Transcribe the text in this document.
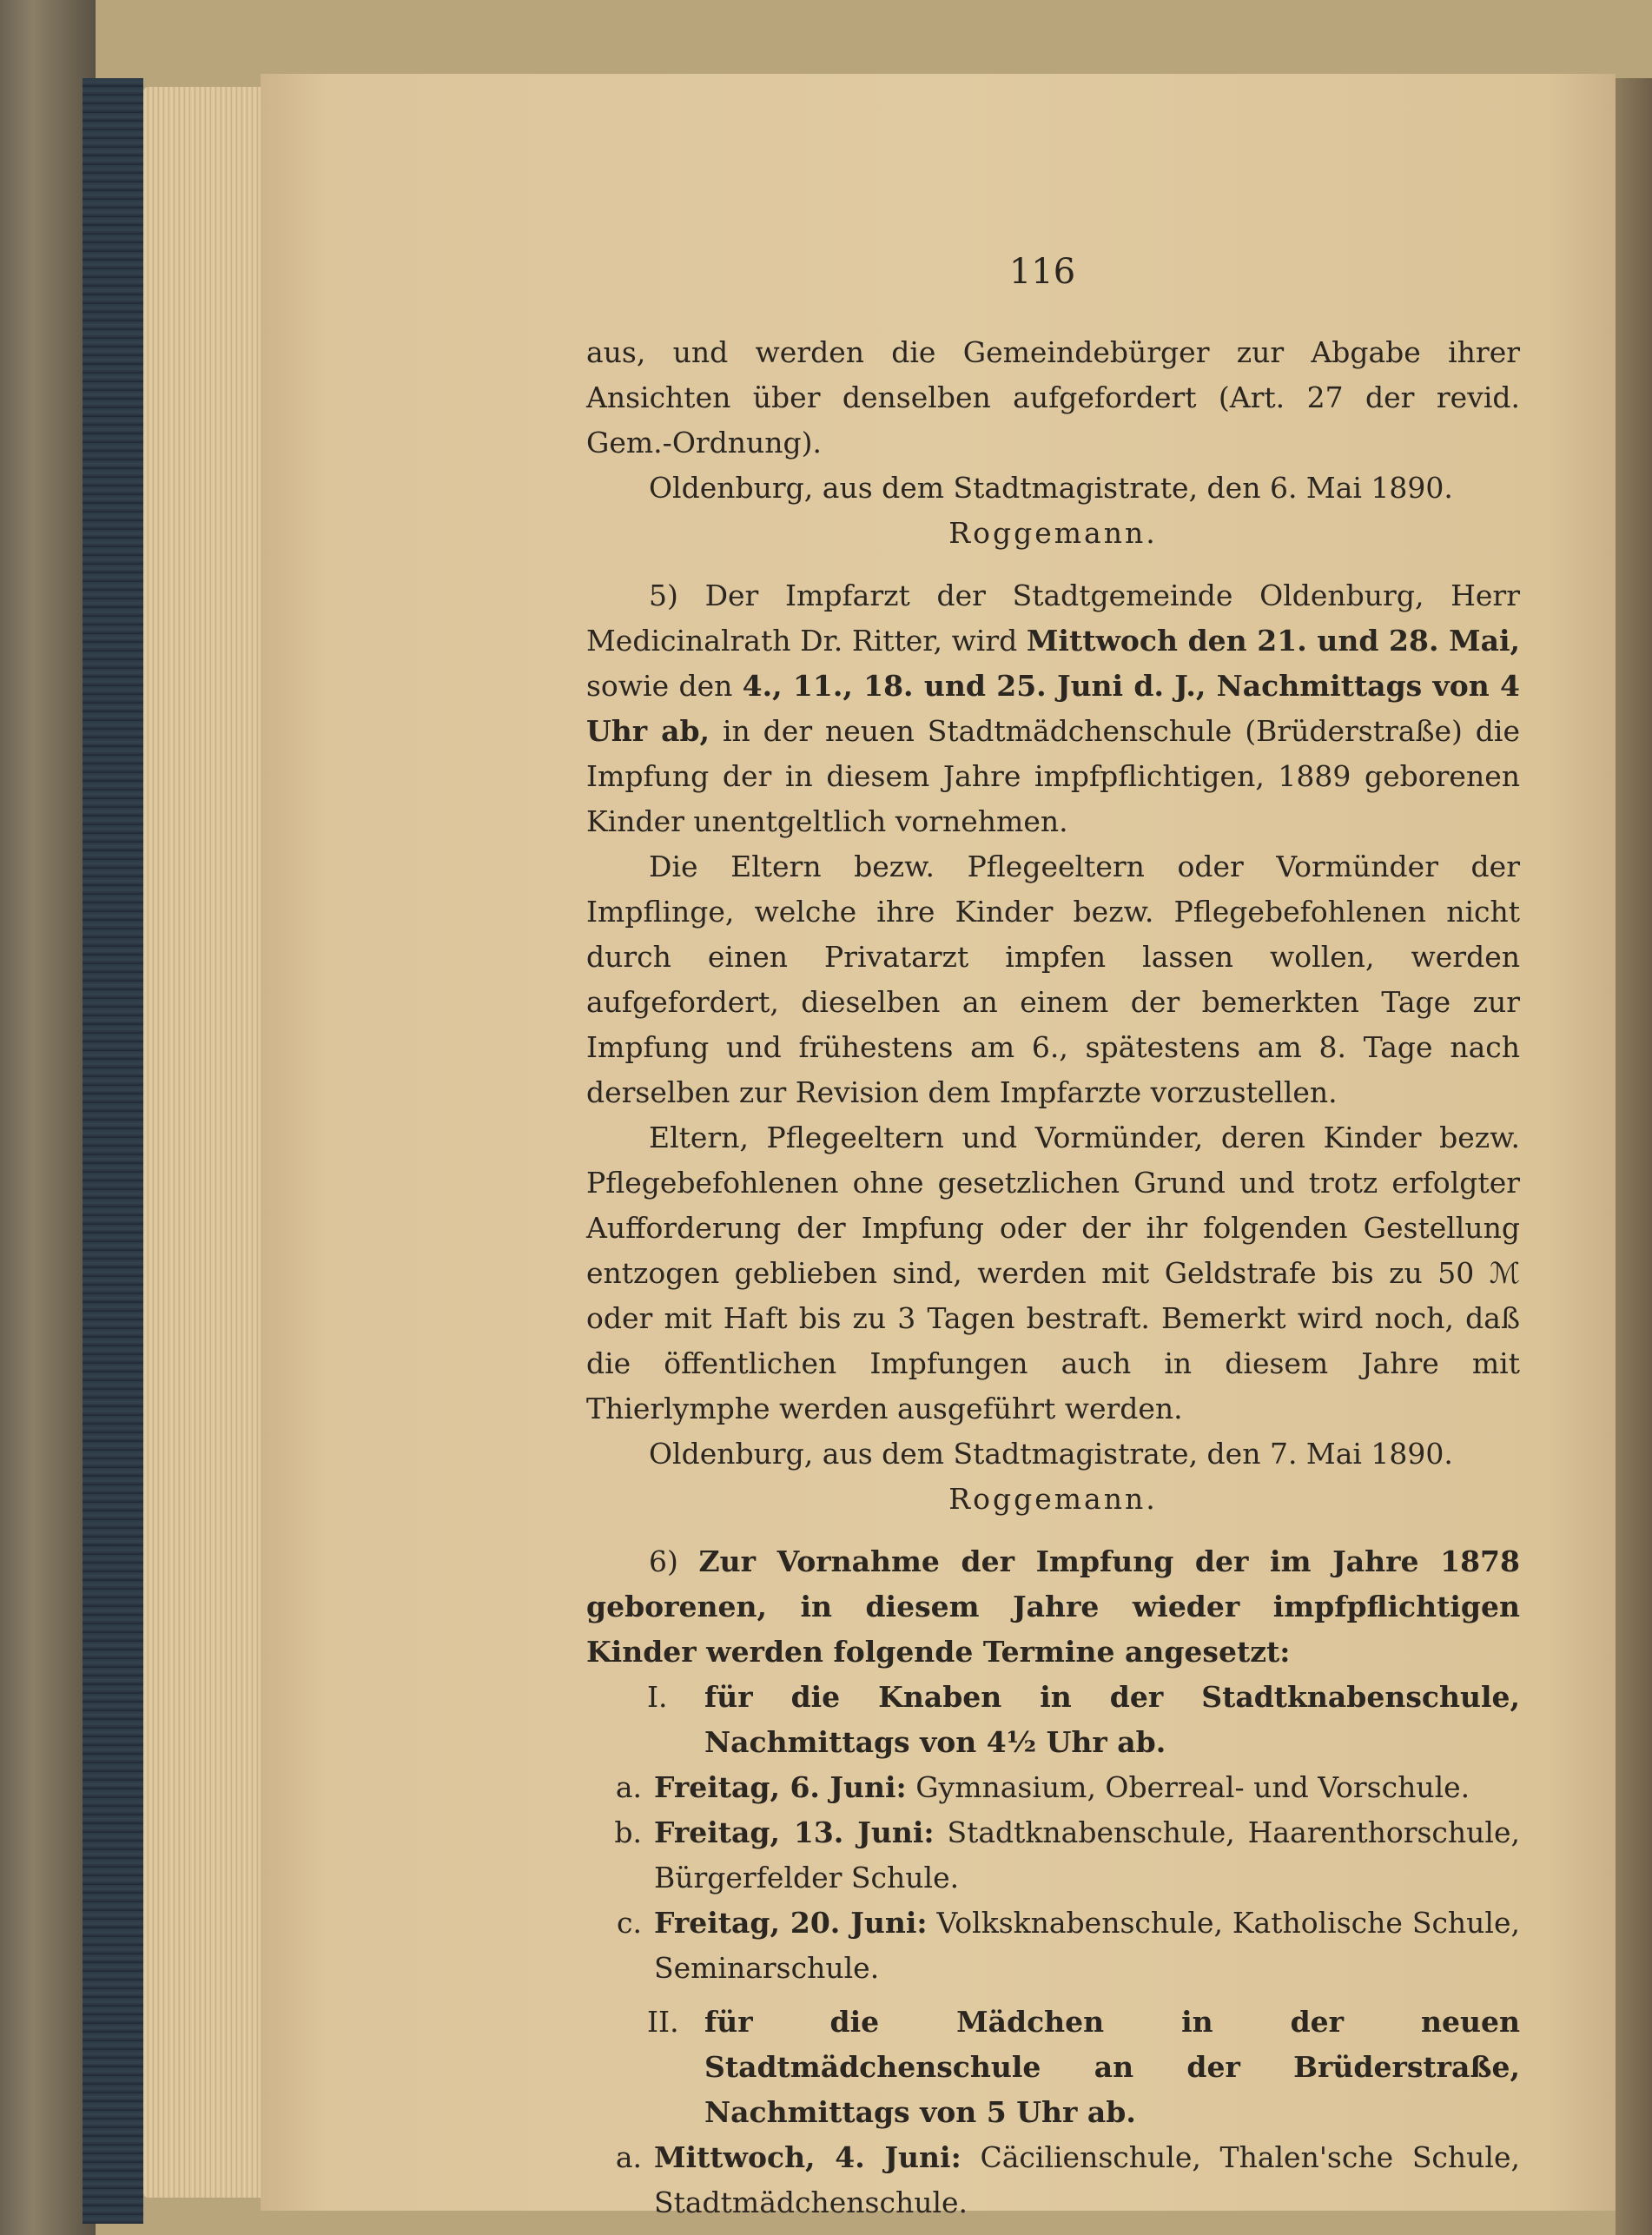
116

aus, und werden die Gemeindebürger zur Abgabe ihrer Ansichten über denselben aufgefordert (Art. 27 der revid. Gem.-Ordnung).

Oldenburg, aus dem Stadtmagistrate, den 6. Mai 1890.

Roggemann.

5) Der Impfarzt der Stadtgemeinde Oldenburg, Herr Medicinalrath Dr. Ritter, wird Mittwoch den 21. und 28. Mai, sowie den 4., 11., 18. und 25. Juni d. J., Nachmittags von 4 Uhr ab, in der neuen Stadtmädchenschule (Brüderstraße) die Impfung der in diesem Jahre impfpflichtigen, 1889 geborenen Kinder unentgeltlich vornehmen.

Die Eltern bezw. Pflegeeltern oder Vormünder der Impflinge, welche ihre Kinder bezw. Pflegebefohlenen nicht durch einen Privatarzt impfen lassen wollen, werden aufgefordert, dieselben an einem der bemerkten Tage zur Impfung und frühestens am 6., spätestens am 8. Tage nach derselben zur Revision dem Impfarzte vorzustellen.

Eltern, Pflegeeltern und Vormünder, deren Kinder bezw. Pflegebefohlenen ohne gesetzlichen Grund und trotz erfolgter Aufforderung der Impfung oder der ihr folgenden Gestellung entzogen geblieben sind, werden mit Geldstrafe bis zu 50 ℳ oder mit Haft bis zu 3 Tagen bestraft. Bemerkt wird noch, daß die öffentlichen Impfungen auch in diesem Jahre mit Thierlymphe werden ausgeführt werden.

Oldenburg, aus dem Stadtmagistrate, den 7. Mai 1890.

Roggemann.

6) Zur Vornahme der Impfung der im Jahre 1878 geborenen, in diesem Jahre wieder impfpflichtigen Kinder werden folgende Termine angesetzt:

I.	für die Knaben in der Stadtknabenschule, Nachmittags von 4½ Uhr ab.
a. Freitag, 6. Juni: Gymnasium, Oberreal- und Vorschule.
b. Freitag, 13. Juni: Stadtknabenschule, Haarenthorschule, Bürgerfelder Schule.
c. Freitag, 20. Juni: Volksknabenschule, Katholische Schule, Seminarschule.
II. für die Mädchen in der neuen Stadtmädchenschule an der Brüderstraße, Nachmittags von 5 Uhr ab.
a. Mittwoch, 4. Juni: Cäcilienschule, Thalen'sche Schule, Stadtmädchenschule.
